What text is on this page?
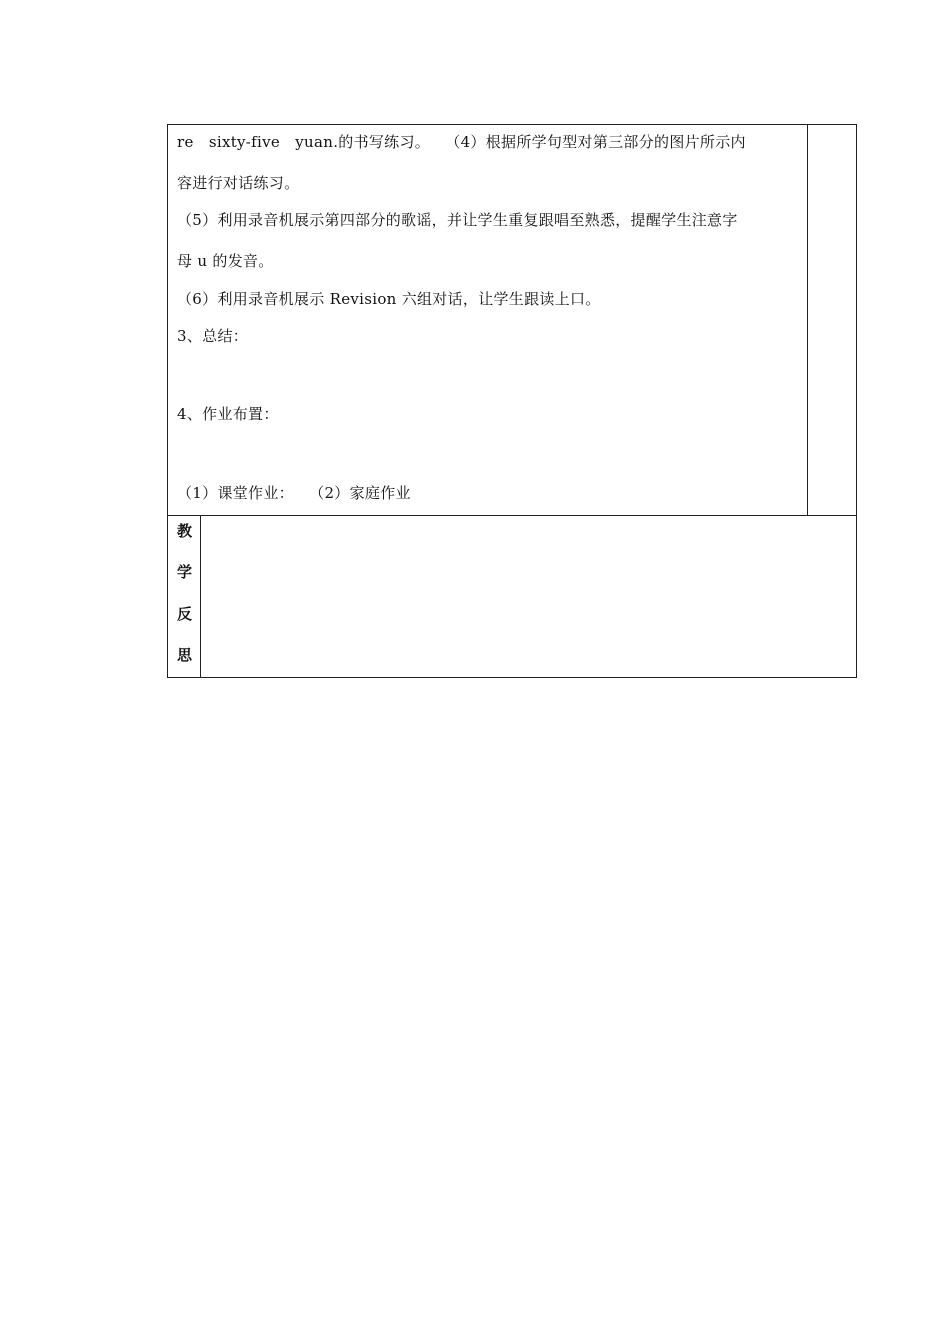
re   sixty-five   yuan.的书写练习。   （4）根据所学句型对第三部分的图片所示内
容进行对话练习。
（5）利用录音机展示第四部分的歌谣，并让学生重复跟唱至熟悉，提醒学生注意字
母 u 的发音。
（6）利用录音机展示 Revision 六组对话，让学生跟读上口。
3、总结：
4、作业布置：
（1）课堂作业：   （2）家庭作业
教
学
反
思
